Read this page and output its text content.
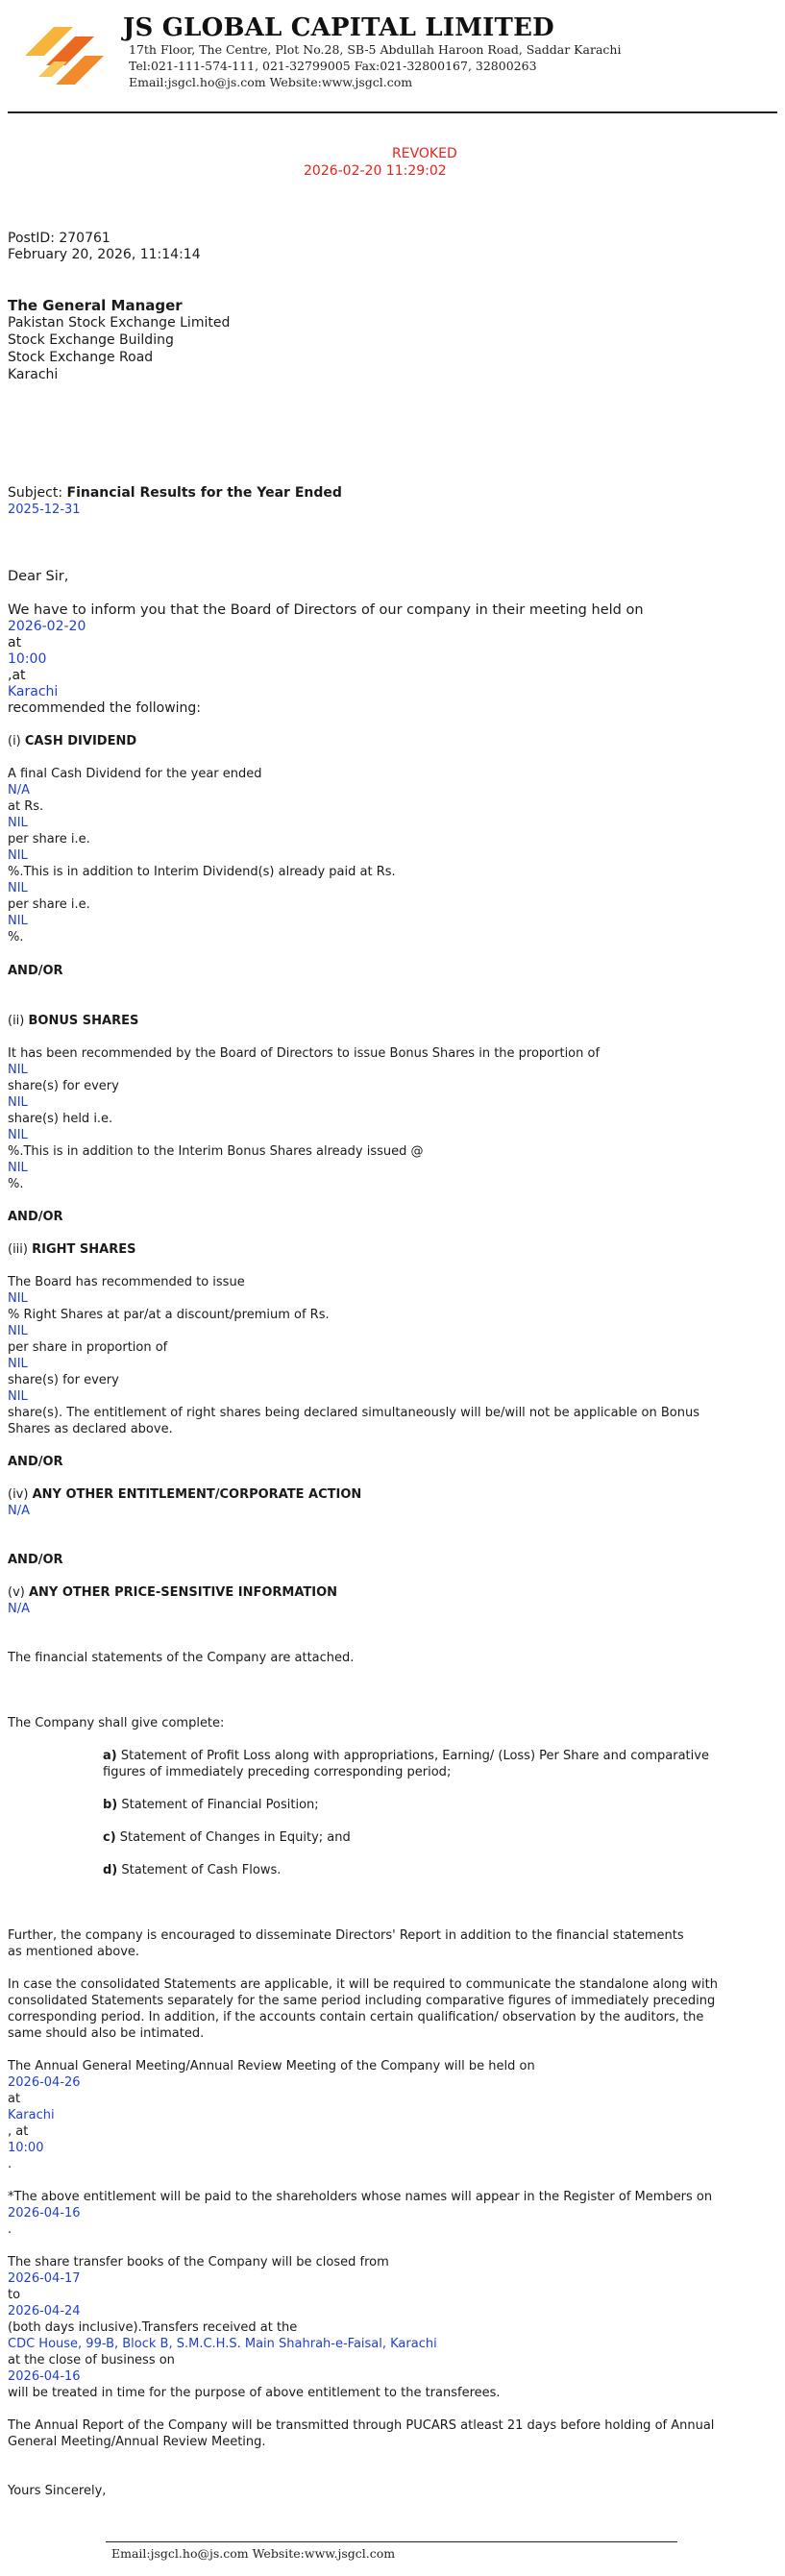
JS GLOBAL CAPITAL LIMITED
17th Floor, The Centre, Plot No.28, SB-5 Abdullah Haroon Road, Saddar Karachi
Tel:021-111-574-111, 021-32799005 Fax:021-32800167, 32800263
Email:jsgcl.ho@js.com Website:www.jsgcl.com
REVOKED
2026-02-20 11:29:02
PostID: 270761
February 20, 2026, 11:14:14
The General Manager
Pakistan Stock Exchange Limited
Stock Exchange Building
Stock Exchange Road
Karachi
Subject: Financial Results for the Year Ended
2025-12-31
Dear Sir,
We have to inform you that the Board of Directors of our company in their meeting held on
2026-02-20
at
10:00
,at
Karachi
recommended the following:
(i) CASH DIVIDEND
A final Cash Dividend for the year ended
N/A
at Rs.
NIL
per share i.e.
NIL
%.This is in addition to Interim Dividend(s) already paid at Rs.
NIL
per share i.e.
NIL
%.
AND/OR
(ii) BONUS SHARES
It has been recommended by the Board of Directors to issue Bonus Shares in the proportion of
NIL
share(s) for every
NIL
share(s) held i.e.
NIL
%.This is in addition to the Interim Bonus Shares already issued @
NIL
%.
AND/OR
(iii) RIGHT SHARES
The Board has recommended to issue
NIL
% Right Shares at par/at a discount/premium of Rs.
NIL
per share in proportion of
NIL
share(s) for every
NIL
share(s). The entitlement of right shares being declared simultaneously will be/will not be applicable on Bonus
Shares as declared above.
AND/OR
(iv) ANY OTHER ENTITLEMENT/CORPORATE ACTION
N/A
AND/OR
(v) ANY OTHER PRICE-SENSITIVE INFORMATION
N/A
The financial statements of the Company are attached.
The Company shall give complete:
a) Statement of Profit Loss along with appropriations, Earning/ (Loss) Per Share and comparative
figures of immediately preceding corresponding period;
b) Statement of Financial Position;
c) Statement of Changes in Equity; and
d) Statement of Cash Flows.
Further, the company is encouraged to disseminate Directors' Report in addition to the financial statements
as mentioned above.
In case the consolidated Statements are applicable, it will be required to communicate the standalone along with
consolidated Statements separately for the same period including comparative figures of immediately preceding
corresponding period. In addition, if the accounts contain certain qualification/ observation by the auditors, the
same should also be intimated.
The Annual General Meeting/Annual Review Meeting of the Company will be held on
2026-04-26
at
Karachi
, at
10:00
.
*The above entitlement will be paid to the shareholders whose names will appear in the Register of Members on
2026-04-16
.
The share transfer books of the Company will be closed from
2026-04-17
to
2026-04-24
(both days inclusive).Transfers received at the
CDC House, 99-B, Block B, S.M.C.H.S. Main Shahrah-e-Faisal, Karachi
at the close of business on
2026-04-16
will be treated in time for the purpose of above entitlement to the transferees.
The Annual Report of the Company will be transmitted through PUCARS atleast 21 days before holding of Annual
General Meeting/Annual Review Meeting.
Yours Sincerely,
Email:jsgcl.ho@js.com Website:www.jsgcl.com
